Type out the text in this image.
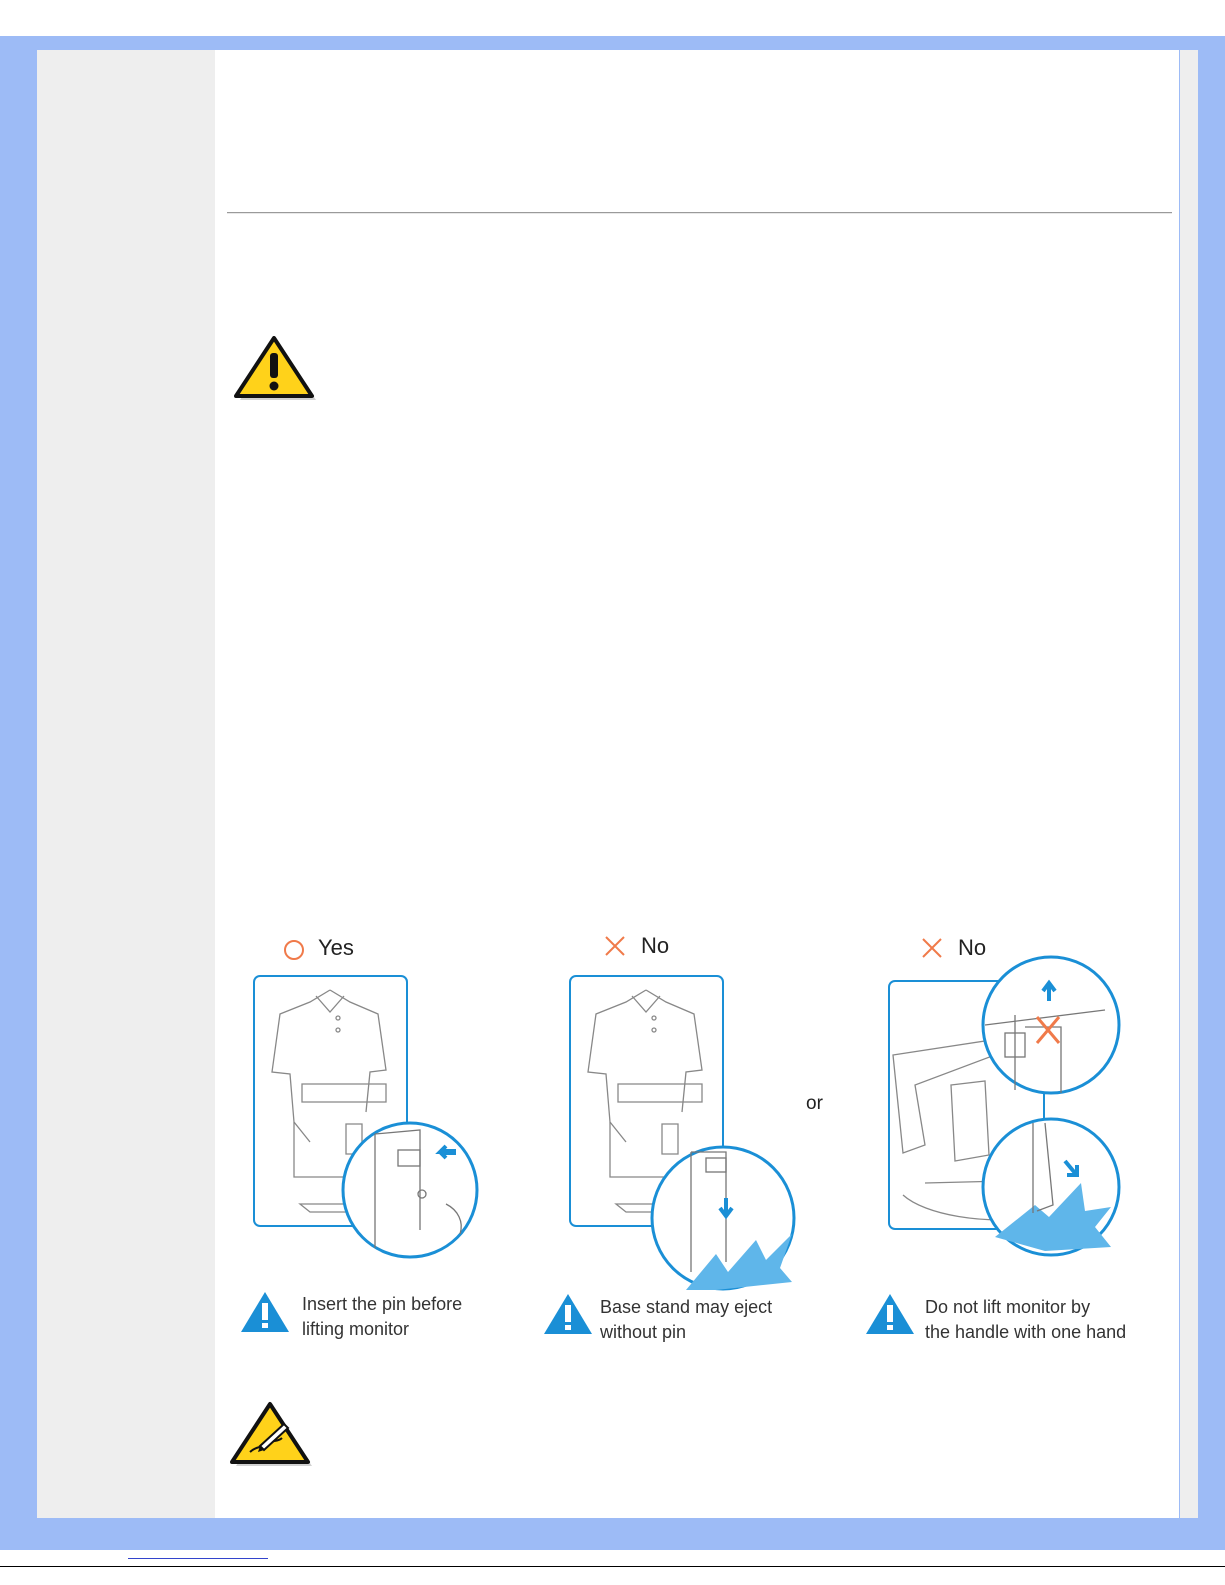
Yes
Insert the pin before
lifting monitor
No
or
Base stand may eject
without pin
No
Do not lift monitor by
the handle with one hand
